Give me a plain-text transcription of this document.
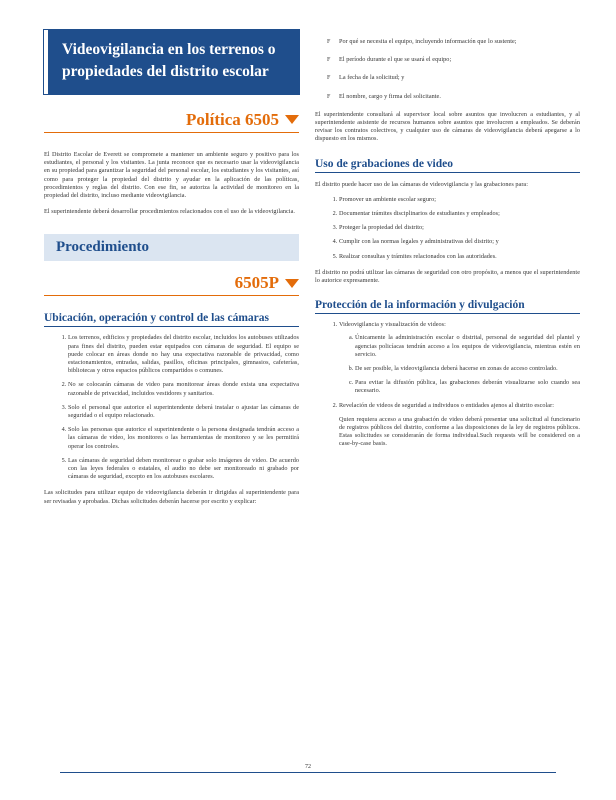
Videovigilancia en los terrenos o propiedades del distrito escolar
Política 6505

El Distrito Escolar de Everett se compromete a mantener un ambiente seguro y positivo para los estudiantes, el personal y los visitantes. La junta reconoce que es necesario usar la videovigilancia en su propiedad para garantizar la seguridad del personal escolar, los estudiantes y los visitantes, así como para proteger la propiedad del distrito y ayudar en la aplicación de las políticas, procedimientos y reglas del distrito. Con ese fin, se autoriza la actividad de monitoreo en la propiedad del distrito, incluso mediante videovigilancia.

El superintendente deberá desarrollar procedimientos relacionados con el uso de la videovigilancia.

Procedimiento
6505P
Ubicación, operación y control de las cámaras
1. Los terrenos, edificios y propiedades del distrito escolar, incluidos los autobuses utilizados para fines del distrito, pueden estar equipados con cámaras de seguridad. El equipo se puede colocar en áreas donde no hay una expectativa razonable de privacidad, como estacionamientos, entradas, salidas, pasillos, oficinas principales, gimnasios, cafeterías, bibliotecas y otros espacios públicos compartidos o comunes.
2. No se colocarán cámaras de video para monitorear áreas donde exista una expectativa razonable de privacidad, incluidos vestidores y sanitarios.
3. Solo el personal que autorice el superintendente deberá instalar o ajustar las cámaras de seguridad o el equipo relacionado.
4. Solo las personas que autorice el superintendente o la persona designada tendrán acceso a las cámaras de video, los monitores o las herramientas de monitoreo y se les permitirá operar los controles.
5. Las cámaras de seguridad deben monitorear o grabar solo imágenes de video. De acuerdo con las leyes federales o estatales, el audio no debe ser monitoreado ni grabado por cámaras de seguridad, excepto en los autobuses escolares.

Las solicitudes para utilizar equipo de videovigilancia deberán ir dirigidas al superintendente para ser revisadas y aprobadas. Dichas solicitudes deberán hacerse por escrito y explicar:

F Por qué se necesita el equipo, incluyendo información que lo sustente;
F El período durante el que se usará el equipo;
F La fecha de la solicitud; y
F El nombre, cargo y firma del solicitante.

El superintendente consultará al supervisor local sobre asuntos que involucren a estudiantes, y al superintendente asistente de recursos humanos sobre asuntos que involucren a empleados. Se deberán revisar los contratos colectivos, y cualquier uso de cámaras de videovigilancia deberá apegarse a lo dispuesto en los mismos.

Uso de grabaciones de video

El distrito puede hacer uso de las cámaras de videovigilancia y las grabaciones para:

1. Promover un ambiente escolar seguro;
2. Documentar trámites disciplinarios de estudiantes y empleados;
3. Proteger la propiedad del distrito;
4. Cumplir con las normas legales y administrativas del distrito; y
5. Realizar consultas y trámites relacionados con las autoridades.

El distrito no podrá utilizar las cámaras de seguridad con otro propósito, a menos que el superintendente lo autorice expresamente.

Protección de la información y divulgación
1. Videovigilancia y visualización de videos:
a. Únicamente la administración escolar o distrital, personal de seguridad del plantel y agencias policíacas tendrán acceso a los equipos de videovigilancia, mientras estén en servicio.
b. De ser posible, la videovigilancia deberá hacerse en zonas de acceso controlado.
c. Para evitar la difusión pública, las grabaciones deberán visualizarse solo cuando sea necesario.
2. Revelación de videos de seguridad a individuos o entidades ajenos al distrito escolar:

Quien requiera acceso a una grabación de video deberá presentar una solicitud al funcionario de registros públicos del distrito, conforme a las disposiciones de la ley de registros públicos. Estas solicitudes se considerarán de forma individual.Such requests will be considered on a case-by-case basis.

72
